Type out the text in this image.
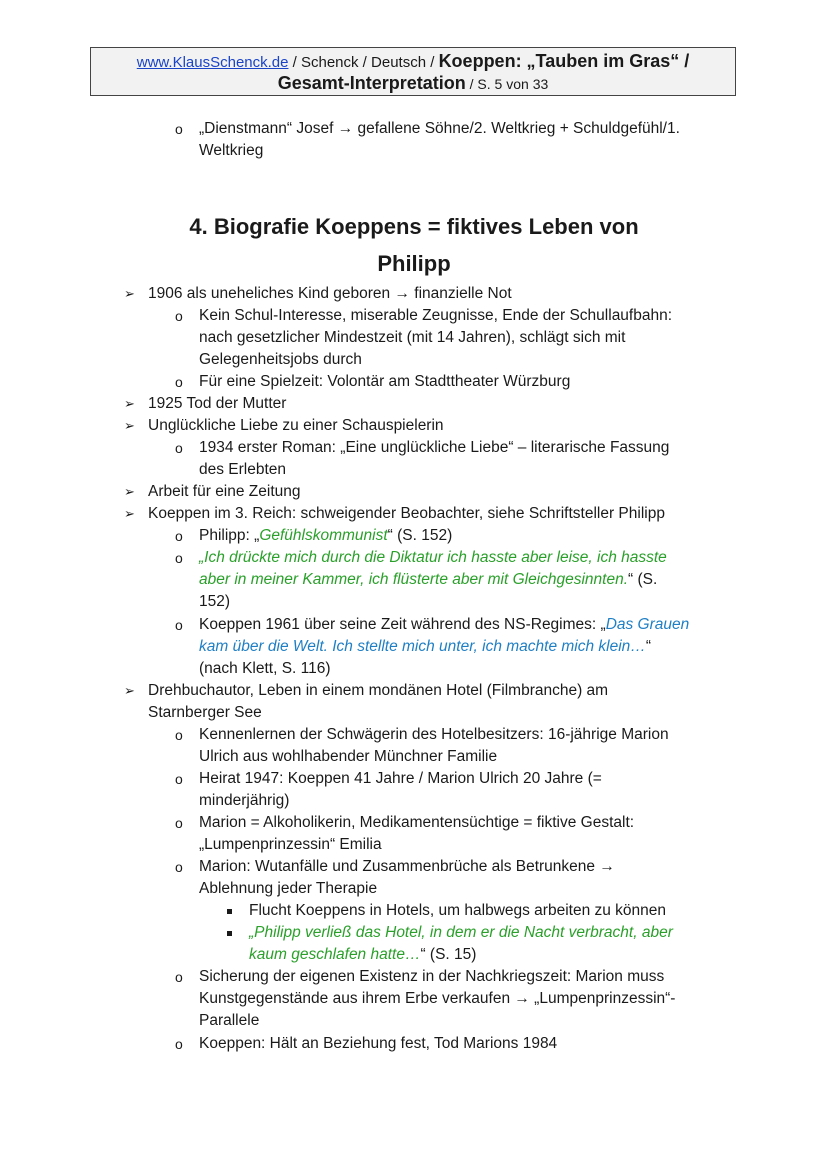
www.KlausSchenck.de / Schenck / Deutsch / Koeppen: „Tauben im Gras“ /
Gesamt-Interpretation / S. 5 von 33
o „Dienstmann“ Josef → gefallene Söhne/2. Weltkrieg + Schuldgefühl/1.
Weltkrieg
4. Biografie Koeppens = fiktives Leben von
Philipp
➢ 1906 als uneheliches Kind geboren → finanzielle Not
o Kein Schul-Interesse, miserable Zeugnisse, Ende der Schullaufbahn:
nach gesetzlicher Mindestzeit (mit 14 Jahren), schlägt sich mit
Gelegenheitsjobs durch
o Für eine Spielzeit: Volontär am Stadttheater Würzburg
➢ 1925 Tod der Mutter
➢ Unglückliche Liebe zu einer Schauspielerin
o 1934 erster Roman: „Eine unglückliche Liebe“ – literarische Fassung
des Erlebten
➢ Arbeit für eine Zeitung
➢ Koeppen im 3. Reich: schweigender Beobachter, siehe Schriftsteller Philipp
o Philipp: „Gefühlskommunist“ (S. 152)
o „Ich drückte mich durch die Diktatur ich hasste aber leise, ich hasste
aber in meiner Kammer, ich flüsterte aber mit Gleichgesinnten.“ (S.
152)
o Koeppen 1961 über seine Zeit während des NS-Regimes: „Das Grauen
kam über die Welt. Ich stellte mich unter, ich machte mich klein…“
(nach Klett, S. 116)
➢ Drehbuchautor, Leben in einem mondänen Hotel (Filmbranche) am
Starnberger See
o Kennenlernen der Schwägerin des Hotelbesitzers: 16-jährige Marion
Ulrich aus wohlhabender Münchner Familie
o Heirat 1947: Koeppen 41 Jahre / Marion Ulrich 20 Jahre (=
minderjährig)
o Marion = Alkoholikerin, Medikamentensüchtige = fiktive Gestalt:
„Lumpenprinzessin“ Emilia
o Marion: Wutanfälle und Zusammenbrüche als Betrunkene →
Ablehnung jeder Therapie
Flucht Koeppens in Hotels, um halbwegs arbeiten zu können
„Philipp verließ das Hotel, in dem er die Nacht verbracht, aber
kaum geschlafen hatte…“ (S. 15)
o Sicherung der eigenen Existenz in der Nachkriegszeit: Marion muss
Kunstgegenstände aus ihrem Erbe verkaufen → „Lumpenprinzessin“-
Parallele
o Koeppen: Hält an Beziehung fest, Tod Marions 1984
